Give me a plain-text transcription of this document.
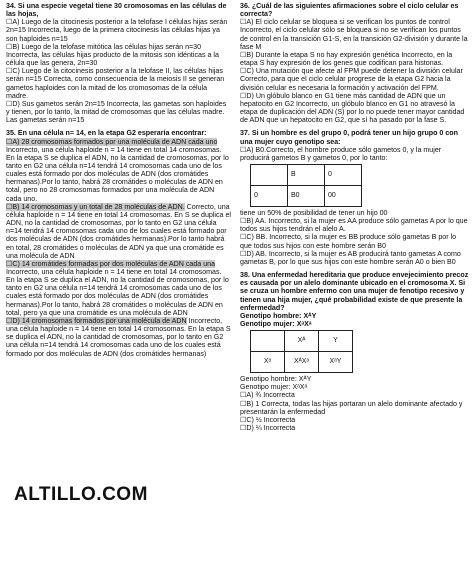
34. Si una especie vegetal tiene 30 cromosomas en las células de las hojas,
☐A) Luego de la citocinesis posterior a la telofase I células hijas serán 2n=15 Incorrecta, luego de la primera citocinesis las células hijas ya son haploides n=15
☐B) Luego de la telofase mitótica las células hijas serán n=30 Incorrecta, las células hijas producto de la mitosis son idénticas a la célula que las genera, 2n=30
☐C) Luego de la citocinesis posterior a la telofase II, las células hijas serán n=15 Correcta, como consecuencia de la meiosis II se generan gametos haploides con la mitad de los cromosomas de la célula madre.
☐D) Sus gametos serán 2n=15 Incorrecta, las gametas son haploides y tienen, por lo tanto, la mitad de cromosomas que las células madre. Las gametas serán n=15
35. En una célula n= 14, en la etapa G2 esperaría encontrar:
☐A) 28 cromosomas formados por una molécula de ADN cada uno Incorrecto, una célula haploide n = 14 tiene en total 14 cromosomas. En la etapa S se duplica el ADN, no la cantidad de cromosomas, por lo tanto en G2 una célula n=14 tendrá 14 cromosomas cada uno de los cuales está formado por dos moléculas de ADN (dos cromátides hermanas).Por lo tanto, habrá 28 cromátides o moléculas de ADN en total, pero no 28 cromosomas formados por una molécula de ADN cada uno.
☐B) 14 cromosomas y un total de 28 moléculas de ADN. Correcto, una célula haploide n = 14 tiene en total 14 cromosomas. En S se duplica el ADN, no la cantidad de cromosomas, por lo tanto en G2 una célula n=14 tendrá 14 cromosomas cada uno de los cuales está formado por dos moléculas de ADN (dos cromátides hermanas).Por lo tanto habrá en total, 28 cromátides o moléculas de ADN ya que una cromátide es una molécula de ADN
☐C) 14 cromátides formadas por dos moléculas de ADN cada una Incorrecto, una célula haploide n = 14 tiene en total 14 cromosomas. En la etapa S se duplica el ADN, no la cantidad de cromosomas, por lo tanto en G2 una célula n=14 tendrá 14 cromosomas cada uno de los cuales está formado por dos moléculas de ADN (dos cromátides hermanas).Por lo tanto, habrá 28 cromátides o moléculas de ADN en total, pero ya que una cromátide es una molécula de ADN
☐D) 14 cromosomas formados por una molécula de ADN Incorrecto, una célula haploide n = 14 tiene en total 14 cromosomas. En la etapa S se duplica el ADN, no la cantidad de cromosomas, por lo tanto en G2 una célula n=14 tendrá 14 cromosomas cada uno de los cuales está formado por dos moléculas de ADN (dos cromátides hermanas)
ALTILLO.COM
36. ¿Cuál de las siguientes afirmaciones sobre el ciclo celular es correcta?
☐A) El ciclo celular se bloquea si se verifican los puntos de control Incorrecto, el ciclo celular sólo se bloquea si no se verifican los puntos de control en la transición G1-S, en la transición G2-división y durante la fase M
☐B) Durante la etapa S no hay expresión genética Incorrecto, en la etapa S hay expresión de los genes que codifican para histonas.
☐C) Una mutación que afecte al FPM puede detener la división celular Correcto, para que el ciclo celular progrese de la etapa G2 hacia la división celular es necesaria la formación y activación del FPM.
☐D) Un glóbulo blanco en G1 tiene más cantidad de ADN que un hepatocito en G2 Incorrecto, un glóbulo blanco en G1 no atravesó la etapa de duplicación del ADN (S) por lo no puede tener mayor cantidad de ADN que un hepatocito en G2, que sí ha pasado por la fase S.
37. Si un hombre es del grupo 0, podrá tener un hijo grupo 0 con una mujer cuyo genotipo sea:
☐A) B0.Correcto, el hombre produce sólo gametos 0, y la mujer producirá gametos B y gametos 0, por lo tanto:
	B	0
0	B0	00
tiene un 50% de posibilidad de tener un hijo 00
☐B) AA. Incorrecto, si la mujer es AA produce sólo gametas A por lo que todos sus hijos tendrán el alelo A.
☐C) BB. Incorrecto, si la mujer es BB produce sólo gametas B por lo que todos sus hijos con este hombre serán B0
☐D) AB. Incorrecto, si la mujer es AB producirá tanto gametas A como gametas B, por lo que sus hijos con este hombre serán A0 o bien B0
38. Una enfermedad hereditaria que produce envejecimiento precoz es causada por un alelo dominante ubicado en el cromosoma X. Si se cruza un hombre enfermo con una mujer de fenotipo recesivo y tienen una hija mujer, ¿qué probabilidad existe de que presente la enfermedad?
Genotipo hombre: XᴬY
Genotipo mujer: XᵃXᵃ
	Xᴬ	Y
Xᵃ	XᴬXᵃ	XᵃY
Genotipo hombre: XᴬY
Genotipo mujer: XᵃXᵃ
☐A) ¾ Incorrecta
☐B) 1 Correcta, todas las hijas portaran un alelo dominante afectado y presentarán la enfermedad
☐C) ½ Incorrecta
☐D) ¼ Incorrecta
